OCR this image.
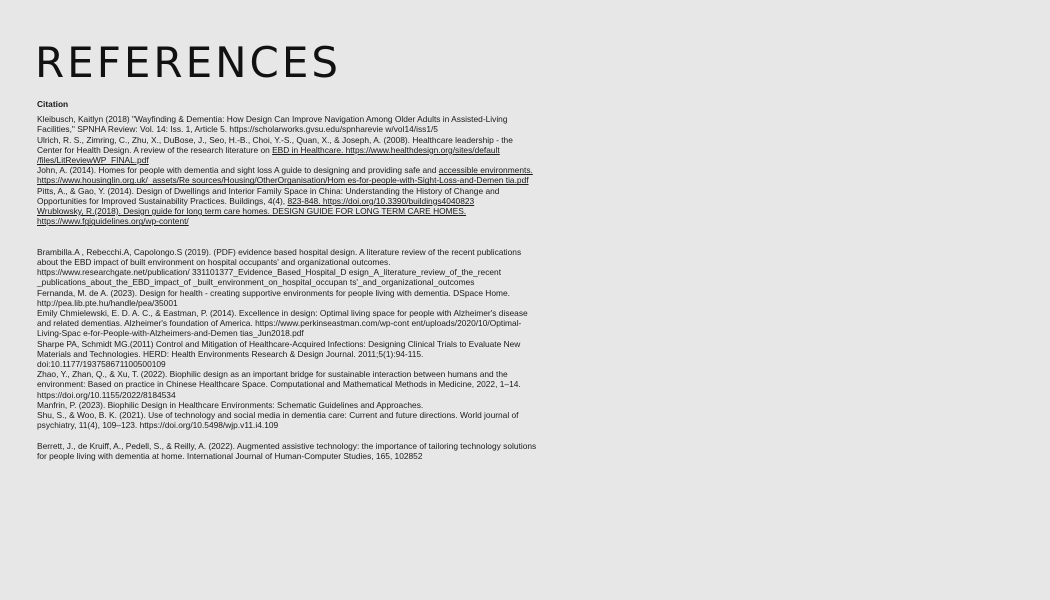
REFERENCES
Citation

Kleibusch, Kaitlyn (2018) "Wayfinding & Dementia: How Design Can Improve Navigation Among Older Adults in Assisted-Living Facilities," SPNHA Review: Vol. 14: Iss. 1, Article 5. https://scholarworks.gvsu.edu/spnharevie w/vol14/iss1/5

Ulrich, R. S., Zimring, C., Zhu, X., DuBose, J., Seo, H.-B., Choi, Y.-S., Quan, X., & Joseph, A. (2008). Healthcare leadership - the Center for Health Design. A review of the research literature on EBD in Healthcare. https://www.healthdesign.org/sites/default /files/LitReviewWP_FINAL.pdf

John, A. (2014). Homes for people with dementia and sight loss A guide to designing and providing safe and accessible environments. https://www.housinglin.org.uk/_assets/Re sources/Housing/OtherOrganisation/Hom es-for-people-with-Sight-Loss-and-Demen tia.pdf

Pitts, A., & Gao, Y. (2014). Design of Dwellings and Interior Family Space in China: Understanding the History of Change and Opportunities for Improved Sustainability Practices. Buildings, 4(4), 823-848. https://doi.org/10.3390/buildings4040823

Wrublowsky, R.(2018). Design guide for long term care homes. DESIGN GUIDE FOR LONG TERM CARE HOMES. https://www.fgiguidelines.org/wp-content/

Brambilla.A , Rebecchi.A, Capolongo.S (2019). (PDF) evidence based hospital design. A literature review of the recent publications about the EBD impact of built environment on hospital occupants' and organizational outcomes. https://www.researchgate.net/publication/ 331101377_Evidence_Based_Hospital_D esign_A_literature_review_of_the_recent _publications_about_the_EBD_impact_of _built_environment_on_hospital_occupan ts'_and_organizational_outcomes

Fernanda, M. de A. (2023). Design for health - creating supportive environments for people living with dementia. DSpace Home. http://pea.lib.pte.hu/handle/pea/35001

Emily Chmielewski, E. D. A. C., & Eastman, P. (2014). Excellence in design: Optimal living space for people with Alzheimer's disease and related dementias. Alzheimer's foundation of America. https://www.perkinseastman.com/wp-cont ent/uploads/2020/10/Optimal-Living-Spac e-for-People-with-Alzheimers-and-Demen tias_Jun2018.pdf

Sharpe PA, Schmidt MG.(2011) Control and Mitigation of Healthcare-Acquired Infections: Designing Clinical Trials to Evaluate New Materials and Technologies. HERD: Health Environments Research & Design Journal. 2011;5(1):94-115. doi:10.1177/193758671100500109

Zhao, Y., Zhan, Q., & Xu, T. (2022). Biophilic design as an important bridge for sustainable interaction between humans and the environment: Based on practice in Chinese Healthcare Space. Computational and Mathematical Methods in Medicine, 2022, 1–14. https://doi.org/10.1155/2022/8184534

Manfrin, P. (2023). Biophilic Design in Healthcare Environments: Schematic Guidelines and Approaches.

Shu, S., & Woo, B. K. (2021). Use of technology and social media in dementia care: Current and future directions. World journal of psychiatry, 11(4), 109–123. https://doi.org/10.5498/wjp.v11.i4.109

Berrett, J., de Kruiff, A., Pedell, S., & Reilly, A. (2022). Augmented assistive technology: the importance of tailoring technology solutions for people living with dementia at home. International Journal of Human-Computer Studies, 165, 102852
